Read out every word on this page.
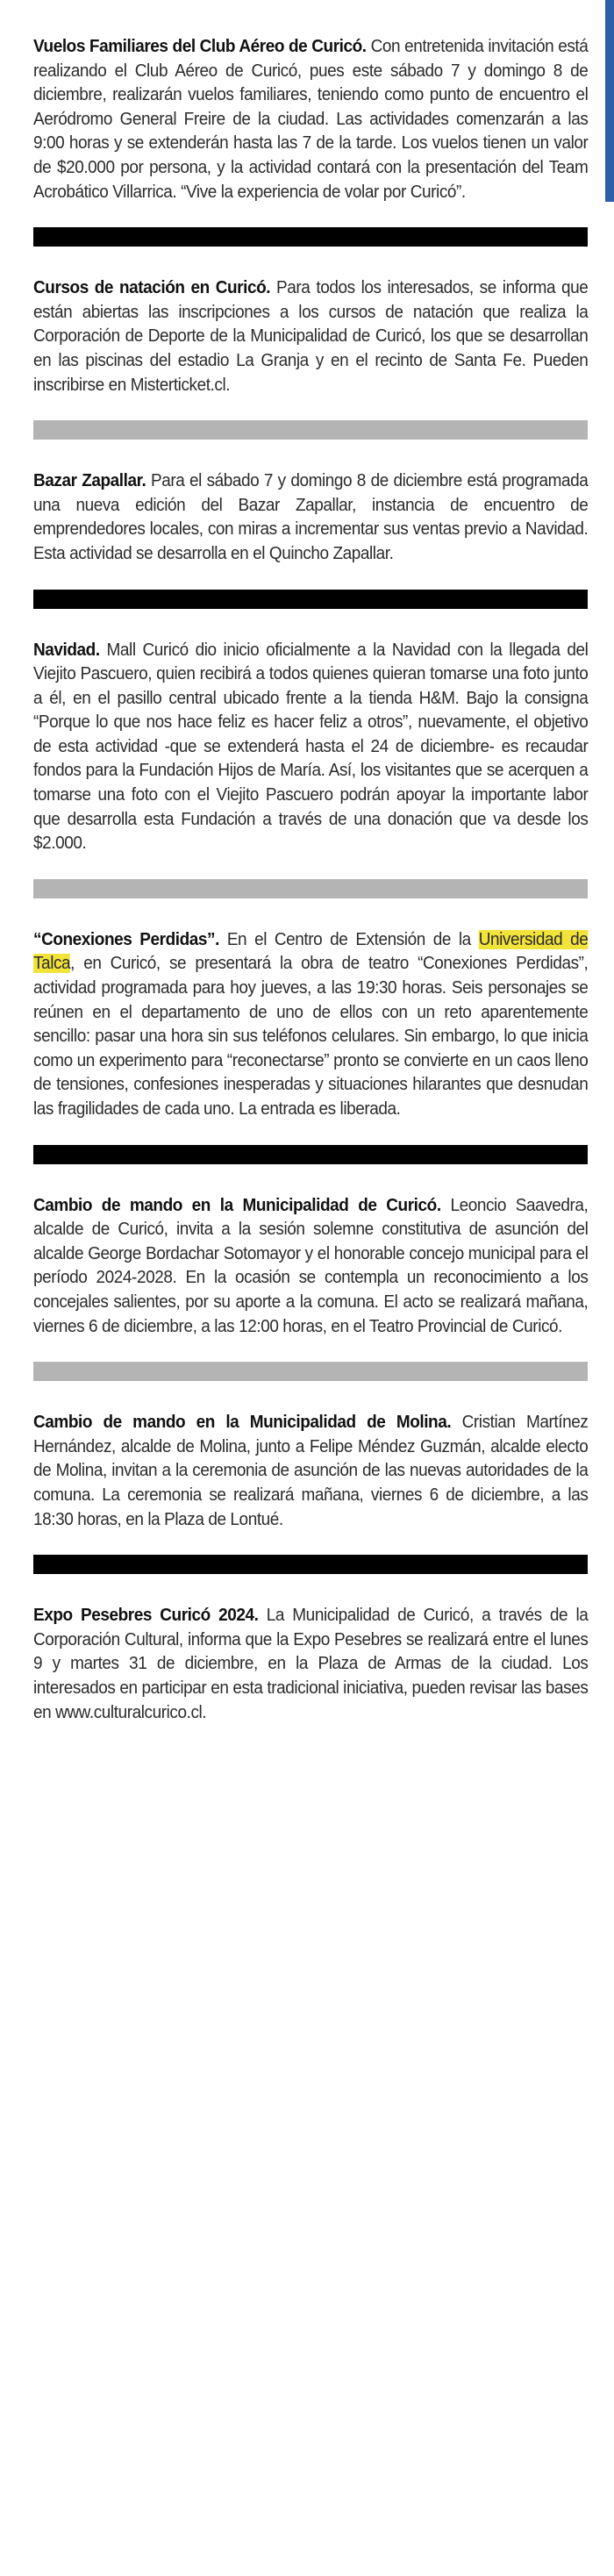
Vuelos Familiares del Club Aéreo de Curicó. Con entretenida invitación está realizando el Club Aéreo de Curicó, pues este sábado 7 y domingo 8 de diciembre, realizarán vuelos familiares, teniendo como punto de encuentro el Aeródromo General Freire de la ciudad. Las actividades comenzarán a las 9:00 horas y se extenderán hasta las 7 de la tarde. Los vuelos tienen un valor de $20.000 por persona, y la actividad contará con la presentación del Team Acrobático Villarrica. “Vive la experiencia de volar por Curicó”.

Cursos de natación en Curicó. Para todos los interesados, se informa que están abiertas las inscripciones a los cursos de natación que realiza la Corporación de Deporte de la Municipalidad de Curicó, los que se desarrollan en las piscinas del estadio La Granja y en el recinto de Santa Fe. Pueden inscribirse en Misterticket.cl.

Bazar Zapallar. Para el sábado 7 y domingo 8 de diciembre está programada una nueva edición del Bazar Zapallar, instancia de encuentro de emprendedores locales, con miras a incrementar sus ventas previo a Navidad. Esta actividad se desarrolla en el Quincho Zapallar.

Navidad. Mall Curicó dio inicio oficialmente a la Navidad con la llegada del Viejito Pascuero, quien recibirá a todos quienes quieran tomarse una foto junto a él, en el pasillo central ubicado frente a la tienda H&M. Bajo la consigna “Porque lo que nos hace feliz es hacer feliz a otros”, nuevamente, el objetivo de esta actividad -que se extenderá hasta el 24 de diciembre- es recaudar fondos para la Fundación Hijos de María. Así, los visitantes que se acerquen a tomarse una foto con el Viejito Pascuero podrán apoyar la importante labor que desarrolla esta Fundación a través de una donación que va desde los $2.000.

“Conexiones Perdidas”. En el Centro de Extensión de la Universidad de Talca, en Curicó, se presentará la obra de teatro “Conexiones Perdidas”, actividad programada para hoy jueves, a las 19:30 horas. Seis personajes se reúnen en el departamento de uno de ellos con un reto aparentemente sencillo: pasar una hora sin sus teléfonos celulares. Sin embargo, lo que inicia como un experimento para “reconectarse” pronto se convierte en un caos lleno de tensiones, confesiones inesperadas y situaciones hilarantes que desnudan las fragilidades de cada uno. La entrada es liberada.

Cambio de mando en la Municipalidad de Curicó. Leoncio Saavedra, alcalde de Curicó, invita a la sesión solemne constitutiva de asunción del alcalde George Bordachar Sotomayor y el honorable concejo municipal para el período 2024-2028. En la ocasión se contempla un reconocimiento a los concejales salientes, por su aporte a la comuna. El acto se realizará mañana, viernes 6 de diciembre, a las 12:00 horas, en el Teatro Provincial de Curicó.

Cambio de mando en la Municipalidad de Molina. Cristian Martínez Hernández, alcalde de Molina, junto a Felipe Méndez Guzmán, alcalde electo de Molina, invitan a la ceremonia de asunción de las nuevas autoridades de la comuna. La ceremonia se realizará mañana, viernes 6 de diciembre, a las 18:30 horas, en la Plaza de Lontué.

Expo Pesebres Curicó 2024. La Municipalidad de Curicó, a través de la Corporación Cultural, informa que la Expo Pesebres se realizará entre el lunes 9 y martes 31 de diciembre, en la Plaza de Armas de la ciudad. Los interesados en participar en esta tradicional iniciativa, pueden revisar las bases en www.culturalcurico.cl.
